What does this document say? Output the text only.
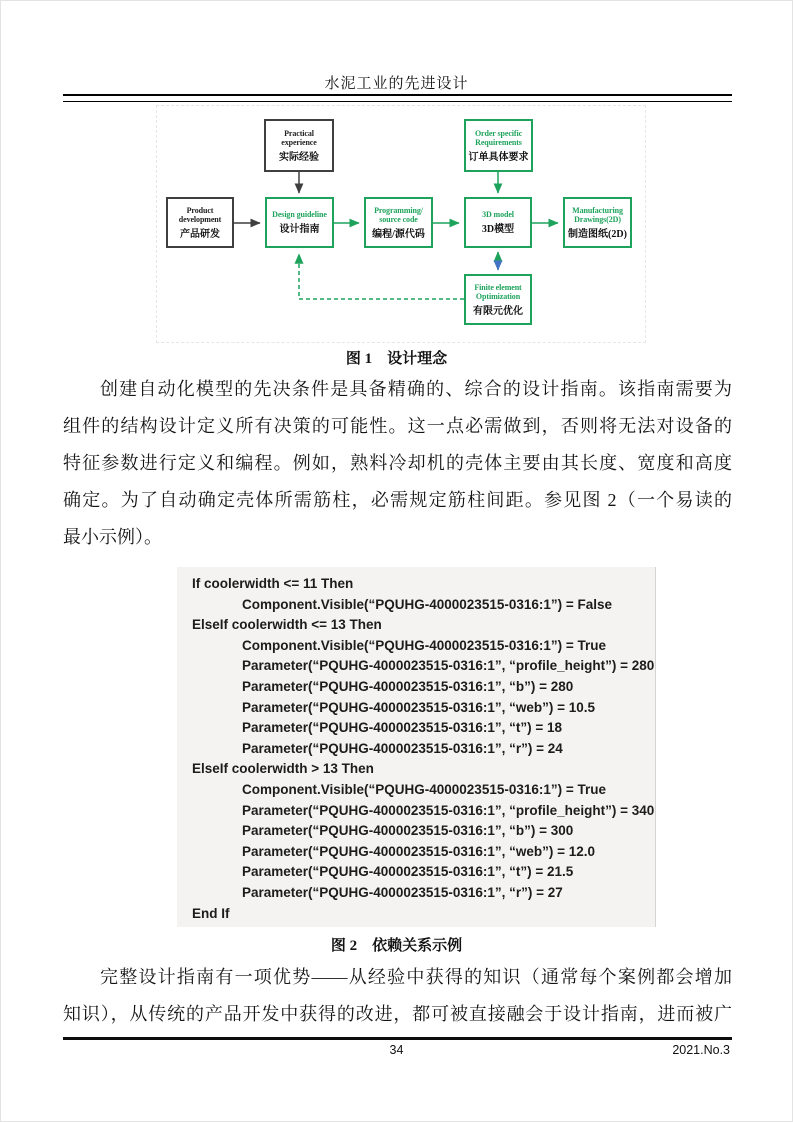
水泥工业的先进设计
Practical experience
实际经验
Order specific Requirements
订单具体要求
Product development
产品研发
Design guideline
设计指南
Programming/ source code
编程/源代码
3D model
3D模型
Manufacturing Drawings(2D)
制造图纸(2D)
Finite element Optimization
有限元优化
图 1　设计理念
创建自动化模型的先决条件是具备精确的、综合的设计指南。该指南需要为
组件的结构设计定义所有决策的可能性。这一点必需做到，否则将无法对设备的
特征参数进行定义和编程。例如，熟料冷却机的壳体主要由其长度、宽度和高度
确定。为了自动确定壳体所需筋柱，必需规定筋柱间距。参见图 2（一个易读的
最小示例）。
If coolerwidth <= 11 Then
Component.Visible(“PQUHG-4000023515-0316:1”) = False
ElseIf coolerwidth <= 13 Then
Component.Visible(“PQUHG-4000023515-0316:1”) = True
Parameter(“PQUHG-4000023515-0316:1”, “profile_height”) = 280
Parameter(“PQUHG-4000023515-0316:1”, “b”) = 280
Parameter(“PQUHG-4000023515-0316:1”, “web”) = 10.5
Parameter(“PQUHG-4000023515-0316:1”, “t”) = 18
Parameter(“PQUHG-4000023515-0316:1”, “r”) = 24
ElseIf coolerwidth > 13 Then
Component.Visible(“PQUHG-4000023515-0316:1”) = True
Parameter(“PQUHG-4000023515-0316:1”, “profile_height”) = 340
Parameter(“PQUHG-4000023515-0316:1”, “b”) = 300
Parameter(“PQUHG-4000023515-0316:1”, “web”) = 12.0
Parameter(“PQUHG-4000023515-0316:1”, “t”) = 21.5
Parameter(“PQUHG-4000023515-0316:1”, “r”) = 27
End If
图 2　依赖关系示例
完整设计指南有一项优势——从经验中获得的知识（通常每个案例都会增加
知识），从传统的产品开发中获得的改进，都可被直接融会于设计指南，进而被广
34	2021.No.3
